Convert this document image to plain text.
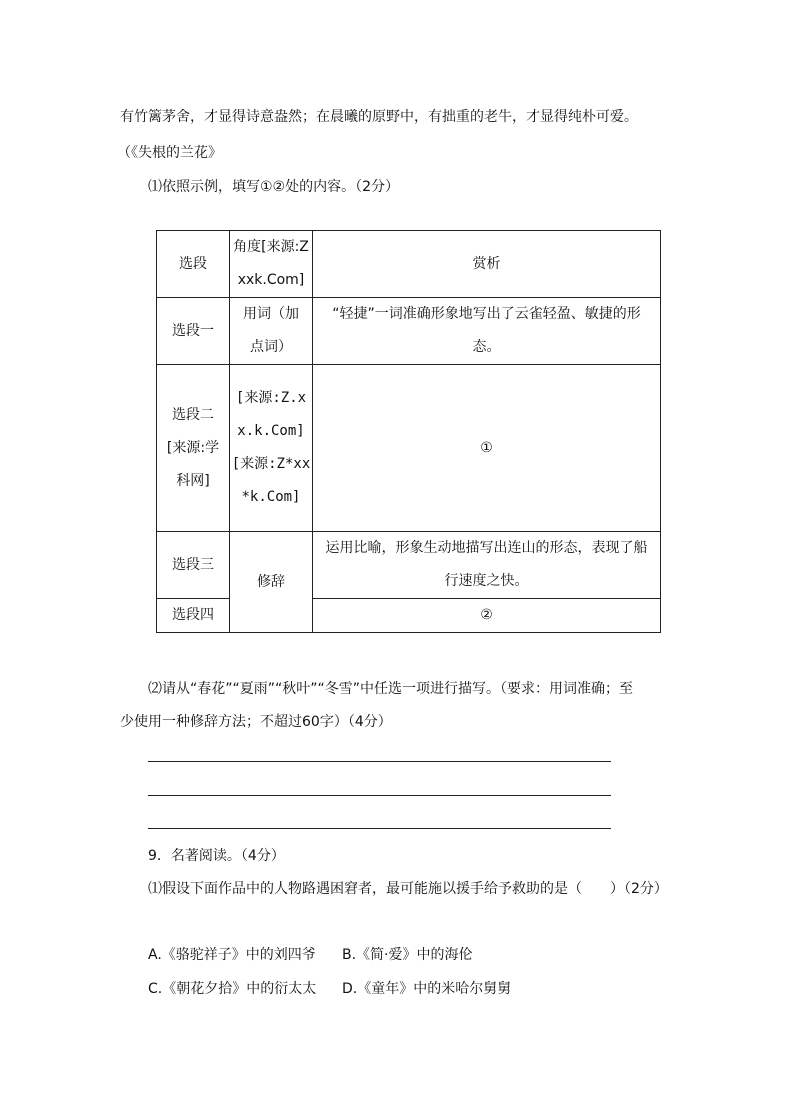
有竹篱茅舍，才显得诗意盎然；在晨曦的原野中，有拙重的老牛，才显得纯朴可爱。
（《失根的兰花》
⑴依照示例，填写①②处的内容。（2分）
选段	角度[来源:Zxxk.Com]	赏析
选段一	用词（加点词）	“轻捷”一词准确形象地写出了云雀轻盈、敏捷的形态。
选段二[来源:学科网]	[来源:Z.xx.k.Com][来源:Z*xx*k.Com]	①
选段三	修辞	运用比喻，形象生动地描写出连山的形态，表现了船行速度之快。
选段四		②
⑵请从“春花”“夏雨”“秋叶”“冬雪”中任选一项进行描写。（要求：用词准确；至
少使用一种修辞方法；不超过60字）（4分）
9．名著阅读。（4分）
⑴假设下面作品中的人物路遇困窘者，最可能施以援手给予救助的是（　　）（2分）
A.《骆驼祥子》中的刘四爷 B.《简·爱》中的海伦
C.《朝花夕拾》中的衍太太 D.《童年》中的米哈尔舅舅
